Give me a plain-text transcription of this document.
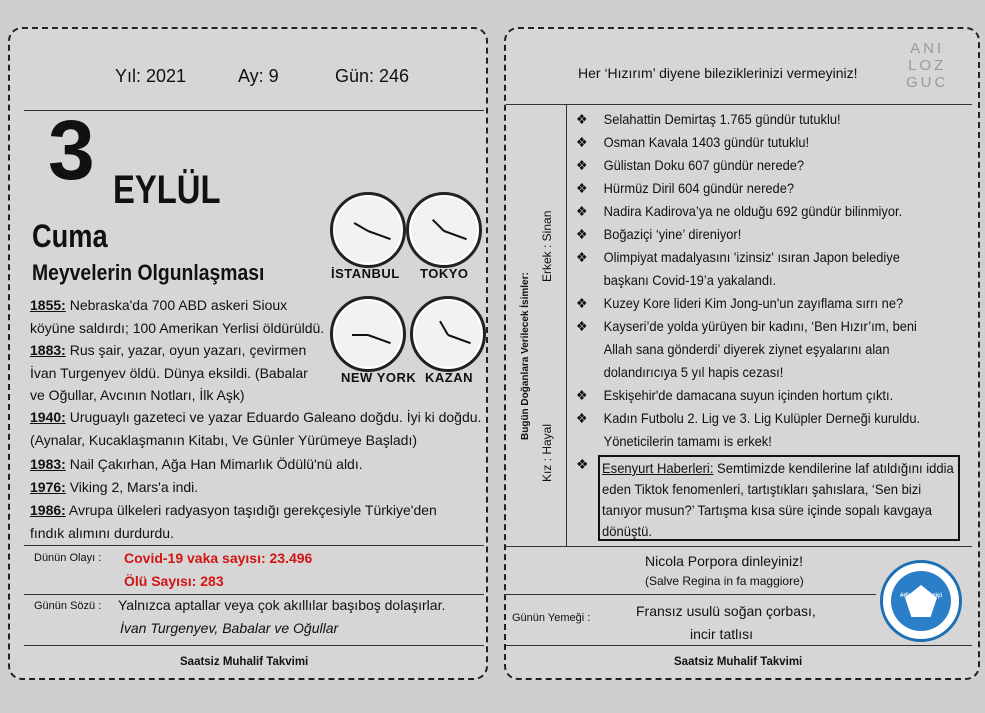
Yıl: 2021	Ay: 9	Gün: 246
3 EYLÜL
Cuma
Meyvelerin Olgunlaşması	İSTANBUL TOKYO
NEW YORK KAZAN
1855: Nebraska'da 700 ABD askeri Sioux köyüne saldırdı; 100 Amerikan Yerlisi öldürüldü.
1883: Rus şair, yazar, oyun yazarı, çevirmen İvan Turgenyev öldü. Dünya eksildi. (Babalar ve Oğullar, Avcının Notları, İlk Aşk)
1940: Uruguaylı gazeteci ve yazar Eduardo Galeano doğdu. İyi ki doğdu. (Aynalar, Kucaklaşmanın Kitabı, Ve Günler Yürümeye Başladı)
1983: Nail Çakırhan, Ağa Han Mimarlık Ödülü'nü aldı.
1976: Viking 2, Mars'a indi.
1986: Avrupa ülkeleri radyasyon taşıdığı gerekçesiyle Türkiye'den fındık alımını durdurdu.
Dünün Olayı : Covid-19 vaka sayısı: 23.496
Ölü Sayısı: 283
Günün Sözü : Yalnızca aptallar veya çok akıllılar başıboş dolaşırlar.
İvan Turgenyev, Babalar ve Oğullar
Saatsiz Muhalif Takvimi
Her ‘Hızırım’ diyene bileziklerinizi vermeyiniz!
ANI
LOZ
GUC
Bugün Doğanlara Verilecek İsimler:
Erkek : Sinan
Kız : Hayal
❖ Selahattin Demirtaş 1.765 gündür tutuklu!
❖ Osman Kavala 1403 gündür tutuklu!
❖ Gülistan Doku 607 gündür nerede?
❖ Hürmüz Diril 604 gündür nerede?
❖ Nadira Kadirova’ya ne olduğu 692 gündür bilinmiyor.
❖ Boğaziçi ‘yine’ direniyor!
❖ Olimpiyat madalyasını 'izinsiz' ısıran Japon belediye başkanı Covid-19’a yakalandı.
❖ Kuzey Kore lideri Kim Jong-un'un zayıflama sırrı ne?
❖ Kayseri’de yolda yürüyen bir kadını, ‘Ben Hızır’ım, beni Allah sana gönderdi’ diyerek ziynet eşyalarını alan dolandırıcıya 5 yıl hapis cezası!
❖ Eskişehir'de damacana suyun içinden hortum çıktı.
❖ Kadın Futbolu 2. Lig ve 3. Lig Kulüpler Derneği kuruldu. Yöneticilerin tamamı is erkek!
❖ Esenyurt Haberleri: Semtimizde kendilerine laf atıldığını iddia eden Tiktok fenomenleri, tartıştıkları şahıslara, ‘Sen bizi tanıyor musun?’ Tartışma kısa süre içinde sopalı kavgaya dönüştü.
Nicola Porpora dinleyiniz!
(Salve Regina in fa maggiore)
Günün Yemeği :	Fransız usulü soğan çorbası,
incir tatlısı
#direnboğaziçi
Saatsiz Muhalif Takvimi
